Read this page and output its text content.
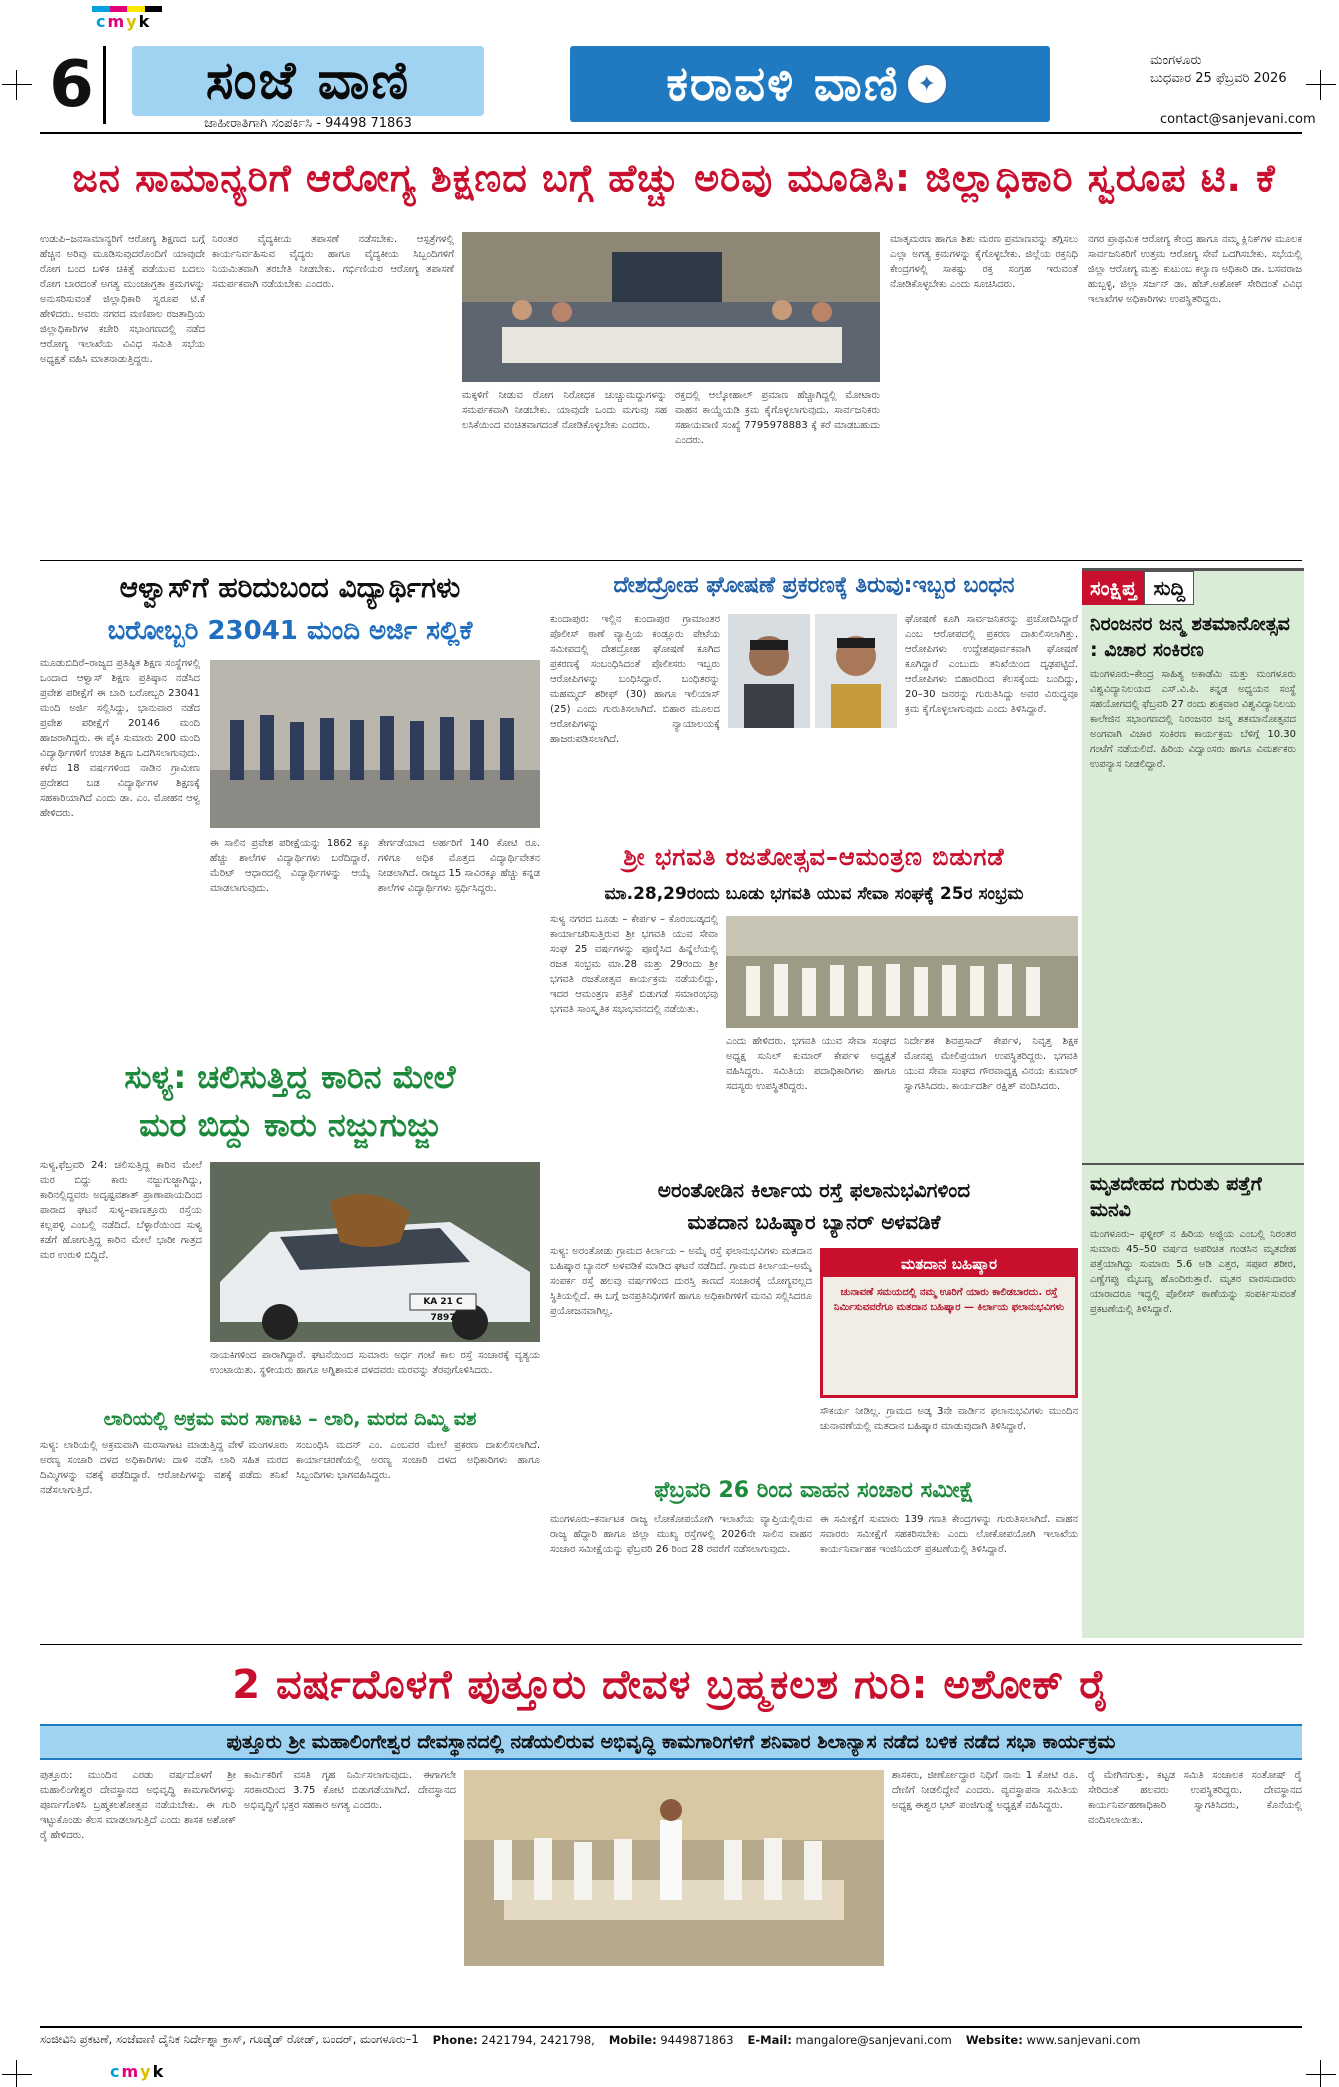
cmyk
6 ಸಂಜೆ ವಾಣಿ
ಜಾಹೀರಾತಿಗಾಗಿ ಸಂಪರ್ಕಿಸಿ - 94498 71863
ಕರಾವಳಿ ವಾಣಿ ✦
ಮಂಗಳೂರು
ಬುಧವಾರ 25 ಫೆಬ್ರವರಿ 2026
contact@sanjevani.com
ಜನ ಸಾಮಾನ್ಯರಿಗೆ ಆರೋಗ್ಯ ಶಿಕ್ಷಣದ ಬಗ್ಗೆ ಹೆಚ್ಚು ಅರಿವು ಮೂಡಿಸಿ: ಜಿಲ್ಲಾಧಿಕಾರಿ ಸ್ವರೂಪ ಟಿ. ಕೆ
ಉಡುಪಿ–ಜನಸಾಮಾನ್ಯರಿಗೆ ಆರೋಗ್ಯ ಶಿಕ್ಷಣದ ಬಗ್ಗೆ ಹೆಚ್ಚಿನ ಅರಿವು ಮೂಡಿಸುವುದರೊಂದಿಗೆ ಯಾವುದೇ ರೋಗ ಬಂದ ಬಳಿಕ ಚಿಕಿತ್ಸೆ ಪಡೆಯುವ ಬದಲು ರೋಗ ಬಾರದಂತೆ ಅಗತ್ಯ ಮುಂಜಾಗ್ರತಾ ಕ್ರಮಗಳನ್ನು ಅನುಸರಿಸುವಂತೆ ಜಿಲ್ಲಾಧಿಕಾರಿ ಸ್ವರೂಪ ಟಿ.ಕೆ ಹೇಳಿದರು. ಅವರು ನಗರದ ಮಣಿಪಾಲ ರಜತಾದ್ರಿಯ ಜಿಲ್ಲಾಧಿಕಾರಿಗಳ ಕಚೇರಿ ಸಭಾಂಗಣದಲ್ಲಿ ನಡೆದ ಆರೋಗ್ಯ ಇಲಾಖೆಯ ವಿವಿಧ ಸಮಿತಿ ಸಭೆಯ ಅಧ್ಯಕ್ಷತೆ ವಹಿಸಿ ಮಾತನಾಡುತ್ತಿದ್ದರು.
ನಿರಂತರ ವೈದ್ಯಕೀಯ ತಪಾಸಣೆ ನಡೆಸಬೇಕು. ಆಸ್ಪತ್ರೆಗಳಲ್ಲಿ ಕಾರ್ಯನಿರ್ವಹಿಸುವ ವೈದ್ಯರು ಹಾಗೂ ವೈದ್ಯಕೀಯ ಸಿಬ್ಬಂದಿಗಳಿಗೆ ನಿಯಮಿತವಾಗಿ ತರಬೇತಿ ನೀಡಬೇಕು. ಗರ್ಭಿಣಿಯರ ಆರೋಗ್ಯ ತಪಾಸಣೆ ಸಮರ್ಪಕವಾಗಿ ನಡೆಯಬೇಕು ಎಂದರು.
ಮಕ್ಕಳಿಗೆ ನೀಡುವ ರೋಗ ನಿರೋಧಕ ಚುಚ್ಚುಮದ್ದುಗಳನ್ನು ಸಮರ್ಪಕವಾಗಿ ನೀಡಬೇಕು. ಯಾವುದೇ ಒಂದು ಮಗುವು ಸಹ ಲಸಿಕೆಯಿಂದ ವಂಚಿತವಾಗದಂತೆ ನೋಡಿಕೊಳ್ಳಬೇಕು ಎಂದರು.
ರಕ್ತದಲ್ಲಿ ಆಲ್ಕೋಹಾಲ್ ಪ್ರಮಾಣ ಹೆಚ್ಚಾಗಿದ್ದಲ್ಲಿ ಮೋಟಾರು ವಾಹನ ಕಾಯ್ದೆಯಡಿ ಕ್ರಮ ಕೈಗೊಳ್ಳಲಾಗುವುದು. ಸಾರ್ವಜನಿಕರು ಸಹಾಯವಾಣಿ ಸಂಖ್ಯೆ 7795978883 ಕ್ಕೆ ಕರೆ ಮಾಡಬಹುದು ಎಂದರು.
ಮಾತೃಮರಣ ಹಾಗೂ ಶಿಶು ಮರಣ ಪ್ರಮಾಣವನ್ನು ತಗ್ಗಿಸಲು ಎಲ್ಲಾ ಅಗತ್ಯ ಕ್ರಮಗಳನ್ನು ಕೈಗೊಳ್ಳಬೇಕು. ಜಿಲ್ಲೆಯ ರಕ್ತನಿಧಿ ಕೇಂದ್ರಗಳಲ್ಲಿ ಸಾಕಷ್ಟು ರಕ್ತ ಸಂಗ್ರಹ ಇರುವಂತೆ ನೋಡಿಕೊಳ್ಳಬೇಕು ಎಂದು ಸೂಚಿಸಿದರು.
ನಗರ ಪ್ರಾಥಮಿಕ ಆರೋಗ್ಯ ಕೇಂದ್ರ ಹಾಗೂ ನಮ್ಮ ಕ್ಲಿನಿಕ್‌ಗಳ ಮೂಲಕ ಸಾರ್ವಜನಿಕರಿಗೆ ಉತ್ತಮ ಆರೋಗ್ಯ ಸೇವೆ ಒದಗಿಸಬೇಕು. ಸಭೆಯಲ್ಲಿ ಜಿಲ್ಲಾ ಆರೋಗ್ಯ ಮತ್ತು ಕುಟುಂಬ ಕಲ್ಯಾಣ ಅಧಿಕಾರಿ ಡಾ. ಬಸವರಾಜ ಹುಬ್ಬಳ್ಳಿ, ಜಿಲ್ಲಾ ಸರ್ಜನ್ ಡಾ. ಹೆಚ್.ಅಶೋಕ್ ಸೇರಿದಂತೆ ವಿವಿಧ ಇಲಾಖೆಗಳ ಅಧಿಕಾರಿಗಳು ಉಪಸ್ಥಿತರಿದ್ದರು.
ಆಳ್ವಾಸ್‌ಗೆ ಹರಿದುಬಂದ ವಿದ್ಯಾರ್ಥಿಗಳು
ಬರೋಬ್ಬರಿ 23041 ಮಂದಿ ಅರ್ಜಿ ಸಲ್ಲಿಕೆ
ಮೂಡುಬಿದಿರೆ–ರಾಜ್ಯದ ಪ್ರತಿಷ್ಠಿತ ಶಿಕ್ಷಣ ಸಂಸ್ಥೆಗಳಲ್ಲಿ ಒಂದಾದ ಆಳ್ವಾಸ್ ಶಿಕ್ಷಣ ಪ್ರತಿಷ್ಠಾನ ನಡೆಸಿದ ಪ್ರವೇಶ ಪರೀಕ್ಷೆಗೆ ಈ ಬಾರಿ ಬರೋಬ್ಬರಿ 23041 ಮಂದಿ ಅರ್ಜಿ ಸಲ್ಲಿಸಿದ್ದು, ಭಾನುವಾರ ನಡೆದ ಪ್ರವೇಶ ಪರೀಕ್ಷೆಗೆ 20146 ಮಂದಿ ಹಾಜರಾಗಿದ್ದರು. ಈ ಪೈಕಿ ಸುಮಾರು 200 ಮಂದಿ ವಿದ್ಯಾರ್ಥಿಗಳಿಗೆ ಉಚಿತ ಶಿಕ್ಷಣ ಒದಗಿಸಲಾಗುವುದು. ಕಳೆದ 18 ವರ್ಷಗಳಿಂದ ನಾಡಿನ ಗ್ರಾಮೀಣ ಪ್ರದೇಶದ ಬಡ ವಿದ್ಯಾರ್ಥಿಗಳ ಶಿಕ್ಷಣಕ್ಕೆ ಸಹಕಾರಿಯಾಗಿದೆ ಎಂದು ಡಾ. ಎಂ. ಮೋಹನ ಆಳ್ವ ಹೇಳಿದರು.
ಈ ಸಾಲಿನ ಪ್ರವೇಶ ಪರೀಕ್ಷೆಯನ್ನು 1862 ಕ್ಕೂ ಹೆಚ್ಚು ಶಾಲೆಗಳ ವಿದ್ಯಾರ್ಥಿಗಳು ಬರೆದಿದ್ದಾರೆ. ಮೆರಿಟ್ ಆಧಾರದಲ್ಲಿ ವಿದ್ಯಾರ್ಥಿಗಳನ್ನು ಆಯ್ಕೆ ಮಾಡಲಾಗುವುದು.
ತೇರ್ಗಡೆಯಾದ ಅರ್ಹರಿಗೆ 140 ಕೋಟಿ ರೂ. ಗಳಿಗೂ ಅಧಿಕ ಮೊತ್ತದ ವಿದ್ಯಾರ್ಥಿವೇತನ ನೀಡಲಾಗಿದೆ. ರಾಜ್ಯದ 15 ಸಾವಿರಕ್ಕೂ ಹೆಚ್ಚು ಕನ್ನಡ ಶಾಲೆಗಳ ವಿದ್ಯಾರ್ಥಿಗಳು ಸ್ಪರ್ಧಿಸಿದ್ದರು.
ದೇಶದ್ರೋಹ ಘೋಷಣೆ ಪ್ರಕರಣಕ್ಕೆ ತಿರುವು:ಇಬ್ಬರ ಬಂಧನ
ಕುಂದಾಪುರ: ಇಲ್ಲಿನ ಕುಂದಾಪುರ ಗ್ರಾಮಾಂತರ ಪೊಲೀಸ್ ಠಾಣೆ ವ್ಯಾಪ್ತಿಯ ಕಂಡ್ಲೂರು ಪೇಟೆಯ ಸಮೀಪದಲ್ಲಿ ದೇಶದ್ರೋಹ ಘೋಷಣೆ ಕೂಗಿದ ಪ್ರಕರಣಕ್ಕೆ ಸಂಬಂಧಿಸಿದಂತೆ ಪೊಲೀಸರು ಇಬ್ಬರು ಆರೋಪಿಗಳನ್ನು ಬಂಧಿಸಿದ್ದಾರೆ. ಬಂಧಿತರನ್ನು ಮಹಮ್ಮದ್ ಶರೀಫ್ (30) ಹಾಗೂ ಇಲಿಯಾಸ್ (25) ಎಂದು ಗುರುತಿಸಲಾಗಿದೆ. ಬಿಹಾರ ಮೂಲದ ಆರೋಪಿಗಳನ್ನು ನ್ಯಾಯಾಲಯಕ್ಕೆ ಹಾಜರುಪಡಿಸಲಾಗಿದೆ.
ಘೋಷಣೆ ಕೂಗಿ ಸಾರ್ವಜನಿಕರನ್ನು ಪ್ರಚೋದಿಸಿದ್ದಾರೆ ಎಂಬ ಆರೋಪದಲ್ಲಿ ಪ್ರಕರಣ ದಾಖಲಿಸಲಾಗಿತ್ತು. ಆರೋಪಿಗಳು ಉದ್ದೇಶಪೂರ್ವಕವಾಗಿ ಘೋಷಣೆ ಕೂಗಿದ್ದಾರೆ ಎಂಬುದು ತನಿಖೆಯಿಂದ ದೃಢಪಟ್ಟಿದೆ. ಆರೋಪಿಗಳು ಬಿಹಾರದಿಂದ ಕೆಲಸಕ್ಕೆಂದು ಬಂದಿದ್ದು, 20–30 ಜನರನ್ನು ಗುರುತಿಸಿದ್ದು ಅವರ ವಿರುದ್ಧವೂ ಕ್ರಮ ಕೈಗೊಳ್ಳಲಾಗುವುದು ಎಂದು ತಿಳಿಸಿದ್ದಾರೆ.
ಶ್ರೀ ಭಗವತಿ ರಜತೋತ್ಸವ–ಆಮಂತ್ರಣ ಬಿಡುಗಡೆ
ಮಾ.28,29ರಂದು ಬೂಡು ಭಗವತಿ ಯುವ ಸೇವಾ ಸಂಘಕ್ಕೆ 25ರ ಸಂಭ್ರಮ
ಸುಳ್ಯ ನಗರದ ಬೂಡು – ಕೇರ್ಪಳ – ಕೊರಂಬಡ್ಕದಲ್ಲಿ ಕಾರ್ಯಾಚರಿಸುತ್ತಿರುವ ಶ್ರೀ ಭಗವತಿ ಯುವ ಸೇವಾ ಸಂಘ 25 ವರ್ಷಗಳನ್ನು ಪೂರೈಸಿದ ಹಿನ್ನೆಲೆಯಲ್ಲಿ ರಜತ ಸಂಭ್ರಮ ಮಾ.28 ಮತ್ತು 29ರಂದು ಶ್ರೀ ಭಗವತಿ ರಜತೋತ್ಸವ ಕಾರ್ಯಕ್ರಮ ನಡೆಯಲಿದ್ದು, ಇದರ ಆಮಂತ್ರಣ ಪತ್ರಿಕೆ ಬಿಡುಗಡೆ ಸಮಾರಂಭವು ಭಗವತಿ ಸಾಂಸ್ಕೃತಿಕ ಸಭಾಭವನದಲ್ಲಿ ನಡೆಯಿತು.
ಎಂದು ಹೇಳಿದರು. ಭಗವತಿ ಯುವ ಸೇವಾ ಸಂಘದ ಅಧ್ಯಕ್ಷ ಸುನಿಲ್ ಕುಮಾರ್ ಕೇರ್ಪಳ ಅಧ್ಯಕ್ಷತೆ ವಹಿಸಿದ್ದರು. ಸಮಿತಿಯ ಪದಾಧಿಕಾರಿಗಳು ಹಾಗೂ ಸದಸ್ಯರು ಉಪಸ್ಥಿತರಿದ್ದರು.
ನಿರ್ದೇಶಕ ಶಿವಪ್ರಸಾದ್ ಕೇರ್ಪಳ, ನಿವೃತ್ತ ಶಿಕ್ಷಕ ಮೋನಪ್ಪ ಮೇಲಿಪ್ರಯಾಗ ಉಪಸ್ಥಿತರಿದ್ದರು. ಭಗವತಿ ಯುವ ಸೇವಾ ಸಂಘದ ಗೌರವಾಧ್ಯಕ್ಷ ವಿನಯ ಕುಮಾರ್ ಸ್ವಾಗತಿಸಿದರು. ಕಾರ್ಯದರ್ಶಿ ರಕ್ಷಿತ್ ವಂದಿಸಿದರು.
ಸುಳ್ಯ: ಚಲಿಸುತ್ತಿದ್ದ ಕಾರಿನ ಮೇಲೆ
ಮರ ಬಿದ್ದು ಕಾರು ನಜ್ಜುಗುಜ್ಜು
ಸುಳ್ಯ,ಫೆಬ್ರವರಿ 24: ಚಲಿಸುತ್ತಿದ್ದ ಕಾರಿನ ಮೇಲೆ ಮರ ಬಿದ್ದು ಕಾರು ನಜ್ಜುಗುಜ್ಜಾಗಿದ್ದು, ಕಾರಿನಲ್ಲಿದ್ದವರು ಅದೃಷ್ಟವಶಾತ್ ಪ್ರಾಣಾಪಾಯದಿಂದ ಪಾರಾದ ಘಟನೆ ಸುಳ್ಯ–ಪಾಣತ್ತೂರು ರಸ್ತೆಯ ಕಲ್ಲಪಳ್ಳಿ ಎಂಬಲ್ಲಿ ನಡೆದಿದೆ. ಬೆಳ್ಳಾರೆಯಿಂದ ಸುಳ್ಯ ಕಡೆಗೆ ಹೋಗುತ್ತಿದ್ದ ಕಾರಿನ ಮೇಲೆ ಭಾರೀ ಗಾತ್ರದ ಮರ ಉರುಳಿ ಬಿದ್ದಿದೆ.
KA 21 C 7897
ನಾಯಕಿಗಳಿಂದ ಪಾರಾಗಿದ್ದಾರೆ. ಘಟನೆಯಿಂದ ಸುಮಾರು ಅರ್ಧ ಗಂಟೆ ಕಾಲ ರಸ್ತೆ ಸಂಚಾರಕ್ಕೆ ವ್ಯತ್ಯಯ ಉಂಟಾಯಿತು. ಸ್ಥಳೀಯರು ಹಾಗೂ ಅಗ್ನಿಶಾಮಕ ದಳದವರು ಮರವನ್ನು ತೆರವುಗೊಳಿಸಿದರು.
ಲಾರಿಯಲ್ಲಿ ಅಕ್ರಮ ಮರ ಸಾಗಾಟ – ಲಾರಿ, ಮರದ ದಿಮ್ಮಿ ವಶ
ಸುಳ್ಯ: ಲಾರಿಯಲ್ಲಿ ಅಕ್ರಮವಾಗಿ ಮರಸಾಗಾಟ ಮಾಡುತ್ತಿದ್ದ ವೇಳೆ ಮಂಗಳೂರು ಅರಣ್ಯ ಸಂಚಾರಿ ದಳದ ಅಧಿಕಾರಿಗಳು ದಾಳಿ ನಡೆಸಿ ಲಾರಿ ಸಹಿತ ಮರದ ದಿಮ್ಮಿಗಳನ್ನು ವಶಕ್ಕೆ ಪಡೆದಿದ್ದಾರೆ. ಆರೋಪಿಗಳನ್ನು ವಶಕ್ಕೆ ಪಡೆದು ತನಿಖೆ ನಡೆಸಲಾಗುತ್ತಿದೆ.
ಸಂಬಂಧಿಸಿ ಮದನ್ ಎಂ. ಎಂಬವರ ಮೇಲೆ ಪ್ರಕರಣ ದಾಖಲಿಸಲಾಗಿದೆ. ಕಾರ್ಯಾಚರಣೆಯಲ್ಲಿ ಅರಣ್ಯ ಸಂಚಾರಿ ದಳದ ಅಧಿಕಾರಿಗಳು ಹಾಗೂ ಸಿಬ್ಬಂದಿಗಳು ಭಾಗವಹಿಸಿದ್ದರು.
ಅರಂತೋಡಿನ ಕಿರ್ಲಾಯ ರಸ್ತೆ ಫಲಾನುಭವಿಗಳಿಂದ
ಮತದಾನ ಬಹಿಷ್ಕಾರ ಬ್ಯಾನರ್ ಅಳವಡಿಕೆ
ಸುಳ್ಯ: ಅರಂತೋಡು ಗ್ರಾಮದ ಕಿರ್ಲಾಯ – ಅಮೈ ರಸ್ತೆ ಫಲಾನುಭವಿಗಳು ಮತದಾನ ಬಹಿಷ್ಕಾರ ಬ್ಯಾನರ್ ಅಳವಡಿಕೆ ಮಾಡಿದ ಘಟನೆ ನಡೆದಿದೆ. ಗ್ರಾಮದ ಕಿರ್ಲಾಯ–ಅಮೈ ಸಂಪರ್ಕ ರಸ್ತೆ ಹಲವು ವರ್ಷಗಳಿಂದ ದುರಸ್ತಿ ಕಾಣದೆ ಸಂಚಾರಕ್ಕೆ ಯೋಗ್ಯವಲ್ಲದ ಸ್ಥಿತಿಯಲ್ಲಿದೆ. ಈ ಬಗ್ಗೆ ಜನಪ್ರತಿನಿಧಿಗಳಿಗೆ ಹಾಗೂ ಅಧಿಕಾರಿಗಳಿಗೆ ಮನವಿ ಸಲ್ಲಿಸಿದರೂ ಪ್ರಯೋಜನವಾಗಿಲ್ಲ.
ಮತದಾನ ಬಹಿಷ್ಕಾರ
ಚುನಾವಣೆ ಸಮಯದಲ್ಲಿ ನಮ್ಮ ಊರಿಗೆ ಯಾರು ಕಾಲಿಡಬಾರದು. ರಸ್ತೆ ನಿರ್ಮಿಸುವವರೆಗೂ ಮತದಾನ ಬಹಿಷ್ಕಾರ — ಕಿರ್ಲಾಯ ಫಲಾನುಭವಿಗಳು
ಸೌಕರ್ಯ ನೀಡಿಲ್ಲ. ಗ್ರಾಮದ ಅಡ್ಕ 3ನೇ ವಾರ್ಡಿನ ಫಲಾನುಭವಿಗಳು ಮುಂದಿನ ಚುನಾವಣೆಯಲ್ಲಿ ಮತದಾನ ಬಹಿಷ್ಕಾರ ಮಾಡುವುದಾಗಿ ತಿಳಿಸಿದ್ದಾರೆ.
ಫೆಬ್ರವರಿ 26 ರಿಂದ ವಾಹನ ಸಂಚಾರ ಸಮೀಕ್ಷೆ
ಮಂಗಳೂರು–ಕರ್ನಾಟಕ ರಾಜ್ಯ ಲೋಕೋಪಯೋಗಿ ಇಲಾಖೆಯ ವ್ಯಾಪ್ತಿಯಲ್ಲಿರುವ ರಾಜ್ಯ ಹೆದ್ದಾರಿ ಹಾಗೂ ಜಿಲ್ಲಾ ಮುಖ್ಯ ರಸ್ತೆಗಳಲ್ಲಿ 2026ನೇ ಸಾಲಿನ ವಾಹನ ಸಂಚಾರ ಸಮೀಕ್ಷೆಯನ್ನು ಫೆಬ್ರವರಿ 26 ರಿಂದ 28 ರವರೆಗೆ ನಡೆಸಲಾಗುವುದು.
ಈ ಸಮೀಕ್ಷೆಗೆ ಸುಮಾರು 139 ಗಣತಿ ಕೇಂದ್ರಗಳನ್ನು ಗುರುತಿಸಲಾಗಿದೆ. ವಾಹನ ಸವಾರರು ಸಮೀಕ್ಷೆಗೆ ಸಹಕರಿಸಬೇಕು ಎಂದು ಲೋಕೋಪಯೋಗಿ ಇಲಾಖೆಯ ಕಾರ್ಯನಿರ್ವಾಹಕ ಇಂಜಿನಿಯರ್ ಪ್ರಕಟಣೆಯಲ್ಲಿ ತಿಳಿಸಿದ್ದಾರೆ.
ಸಂಕ್ಷಿಪ್ತ ಸುದ್ದಿ
ನಿರಂಜನರ ಜನ್ಮ ಶತಮಾನೋತ್ಸವ : ವಿಚಾರ ಸಂಕಿರಣ
ಮಂಗಳೂರು–ಕೇಂದ್ರ ಸಾಹಿತ್ಯ ಅಕಾಡೆಮಿ ಮತ್ತು ಮಂಗಳೂರು ವಿಶ್ವವಿದ್ಯಾನಿಲಯದ ಎಸ್.ವಿ.ಪಿ. ಕನ್ನಡ ಅಧ್ಯಯನ ಸಂಸ್ಥೆ ಸಹಯೋಗದಲ್ಲಿ ಫೆಬ್ರವರಿ 27 ರಂದು ಶುಕ್ರವಾರ ವಿಶ್ವವಿದ್ಯಾನಿಲಯ ಕಾಲೇಜಿನ ಸಭಾಂಗಣದಲ್ಲಿ ನಿರಂಜನರ ಜನ್ಮ ಶತಮಾನೋತ್ಸವದ ಅಂಗವಾಗಿ ವಿಚಾರ ಸಂಕಿರಣ ಕಾರ್ಯಕ್ರಮ ಬೆಳಿಗ್ಗೆ 10.30 ಗಂಟೆಗೆ ನಡೆಯಲಿದೆ. ಹಿರಿಯ ವಿದ್ವಾಂಸರು ಹಾಗೂ ವಿಮರ್ಶಕರು ಉಪನ್ಯಾಸ ನೀಡಲಿದ್ದಾರೆ.
ಮೃತದೇಹದ ಗುರುತು ಪತ್ತೆಗೆ ಮನವಿ
ಮಂಗಳೂರು– ಫಳ್ನೀರ್ ನ ಹಿರಿಯ ಅಜ್ಜಿಯ ಎಂಬಲ್ಲಿ ನಿರಂತರ ಸುಮಾರು 45–50 ವರ್ಷದ ಅಪರಿಚಿತ ಗಂಡಸಿನ ಮೃತದೇಹ ಪತ್ತೆಯಾಗಿದ್ದು ಸುಮಾರು 5.6 ಅಡಿ ಎತ್ತರ, ಸಪೂರ ಶರೀರ, ಎಣ್ಣೆಗಪ್ಪು ಮೈಬಣ್ಣ ಹೊಂದಿರುತ್ತಾರೆ. ಮೃತರ ವಾರಸುದಾರರು ಯಾರಾದರೂ ಇದ್ದಲ್ಲಿ ಪೊಲೀಸ್ ಠಾಣೆಯನ್ನು ಸಂಪರ್ಕಿಸುವಂತೆ ಪ್ರಕಟಣೆಯಲ್ಲಿ ತಿಳಿಸಿದ್ದಾರೆ.
2 ವರ್ಷದೊಳಗೆ ಪುತ್ತೂರು ದೇವಳ ಬ್ರಹ್ಮಕಲಶ ಗುರಿ: ಅಶೋಕ್ ರೈ
ಪುತ್ತೂರು ಶ್ರೀ ಮಹಾಲಿಂಗೇಶ್ವರ ದೇವಸ್ಥಾನದಲ್ಲಿ ನಡೆಯಲಿರುವ ಅಭಿವೃದ್ಧಿ ಕಾಮಗಾರಿಗಳಿಗೆ ಶನಿವಾರ ಶಿಲಾನ್ಯಾಸ ನಡೆದ ಬಳಿಕ ನಡೆದ ಸಭಾ ಕಾರ್ಯಕ್ರಮ
ಪುತ್ತೂರು: ಮುಂದಿನ ಎರಡು ವರ್ಷದೊಳಗೆ ಶ್ರೀ ಮಹಾಲಿಂಗೇಶ್ವರ ದೇವಸ್ಥಾನದ ಅಭಿವೃದ್ಧಿ ಕಾಮಗಾರಿಗಳನ್ನು ಪೂರ್ಣಗೊಳಿಸಿ ಬ್ರಹ್ಮಕಲಶೋತ್ಸವ ನಡೆಯಬೇಕು. ಈ ಗುರಿ ಇಟ್ಟುಕೊಂಡು ಕೆಲಸ ಮಾಡಲಾಗುತ್ತಿದೆ ಎಂದು ಶಾಸಕ ಅಶೋಕ್ ರೈ ಹೇಳಿದರು.
ಕಾರ್ಮಿಕರಿಗೆ ವಸತಿ ಗೃಹ ನಿರ್ಮಿಸಲಾಗುವುದು. ಈಗಾಗಲೇ ಸರಕಾರದಿಂದ 3.75 ಕೋಟಿ ಬಿಡುಗಡೆಯಾಗಿದೆ. ದೇವಸ್ಥಾನದ ಅಭಿವೃದ್ಧಿಗೆ ಭಕ್ತರ ಸಹಕಾರ ಅಗತ್ಯ ಎಂದರು.
ಶಾಸಕರು, ಜೀರ್ಣೋದ್ಧಾರ ನಿಧಿಗೆ ನಾನು 1 ಕೋಟಿ ರೂ. ದೇಣಿಗೆ ನೀಡಲಿದ್ದೇನೆ ಎಂದರು. ವ್ಯವಸ್ಥಾಪನಾ ಸಮಿತಿಯ ಅಧ್ಯಕ್ಷ ಈಶ್ವರ ಭಟ್ ಪಂಜಿಗುಡ್ಡೆ ಅಧ್ಯಕ್ಷತೆ ವಹಿಸಿದ್ದರು.
ರೈ ಮೇಗಿನಗುತ್ತು, ಕಟ್ಟಡ ಸಮಿತಿ ಸಂಚಾಲಕ ಸಂತೋಷ್ ರೈ ಸೇರಿದಂತೆ ಹಲವರು ಉಪಸ್ಥಿತರಿದ್ದರು. ದೇವಸ್ಥಾನದ ಕಾರ್ಯನಿರ್ವಹಣಾಧಿಕಾರಿ ಸ್ವಾಗತಿಸಿದರು, ಕೊನೆಯಲ್ಲಿ ವಂದಿಸಲಾಯಿತು.
ಸಂಜೀವಿನಿ ಪ್ರಕಟಣೆ, ಸಂಜೆವಾಣಿ ದೈನಿಕ ನಿರ್ದೇಶ್ನಾ ಕ್ರಾಸ್, ಗೂಡ್ಶೆಡ್ ರೋಡ್, ಬಂದರ್, ಮಂಗಳೂರು–1 Phone: 2421794, 2421798, Mobile: 9449871863 E-Mail: mangalore@sanjevani.com Website: www.sanjevani.com
cmyk
